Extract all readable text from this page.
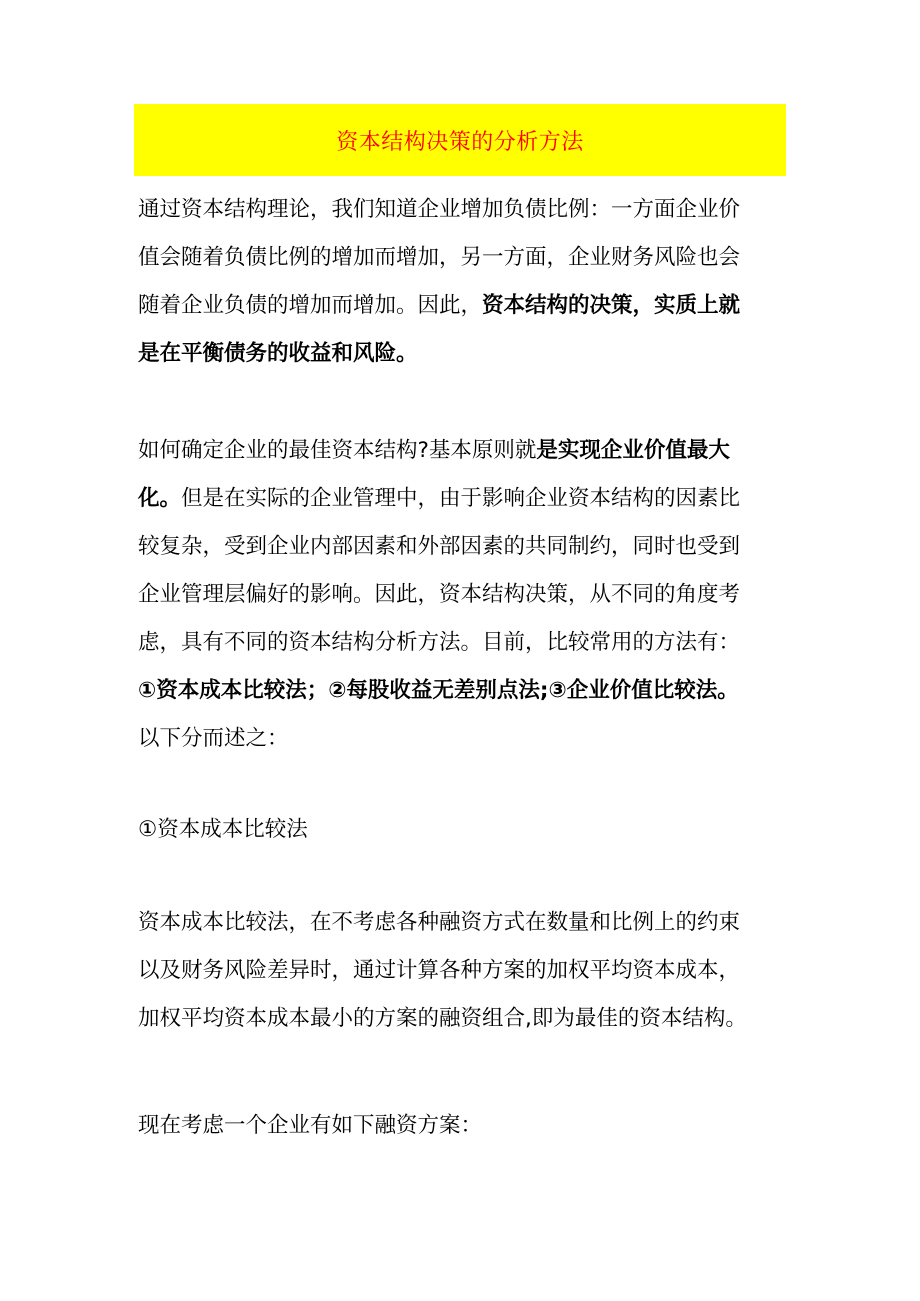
资本结构决策的分析方法

通过资本结构理论，我们知道企业增加负债比例：一方面企业价
值会随着负债比例的增加而增加，另一方面，企业财务风险也会
随着企业负债的增加而增加。因此，资本结构的决策，实质上就
是在平衡债务的收益和风险。

如何确定企业的最佳资本结构?基本原则就是实现企业价值最大
化。但是在实际的企业管理中，由于影响企业资本结构的因素比
较复杂，受到企业内部因素和外部因素的共同制约，同时也受到
企业管理层偏好的影响。因此，资本结构决策，从不同的角度考
虑，具有不同的资本结构分析方法。目前，比较常用的方法有：
①资本成本比较法；②每股收益无差别点法;③企业价值比较法。
以下分而述之：

①资本成本比较法

资本成本比较法，在不考虑各种融资方式在数量和比例上的约束
以及财务风险差异时，通过计算各种方案的加权平均资本成本，
加权平均资本成本最小的方案的融资组合,即为最佳的资本结构。

现在考虑一个企业有如下融资方案：
